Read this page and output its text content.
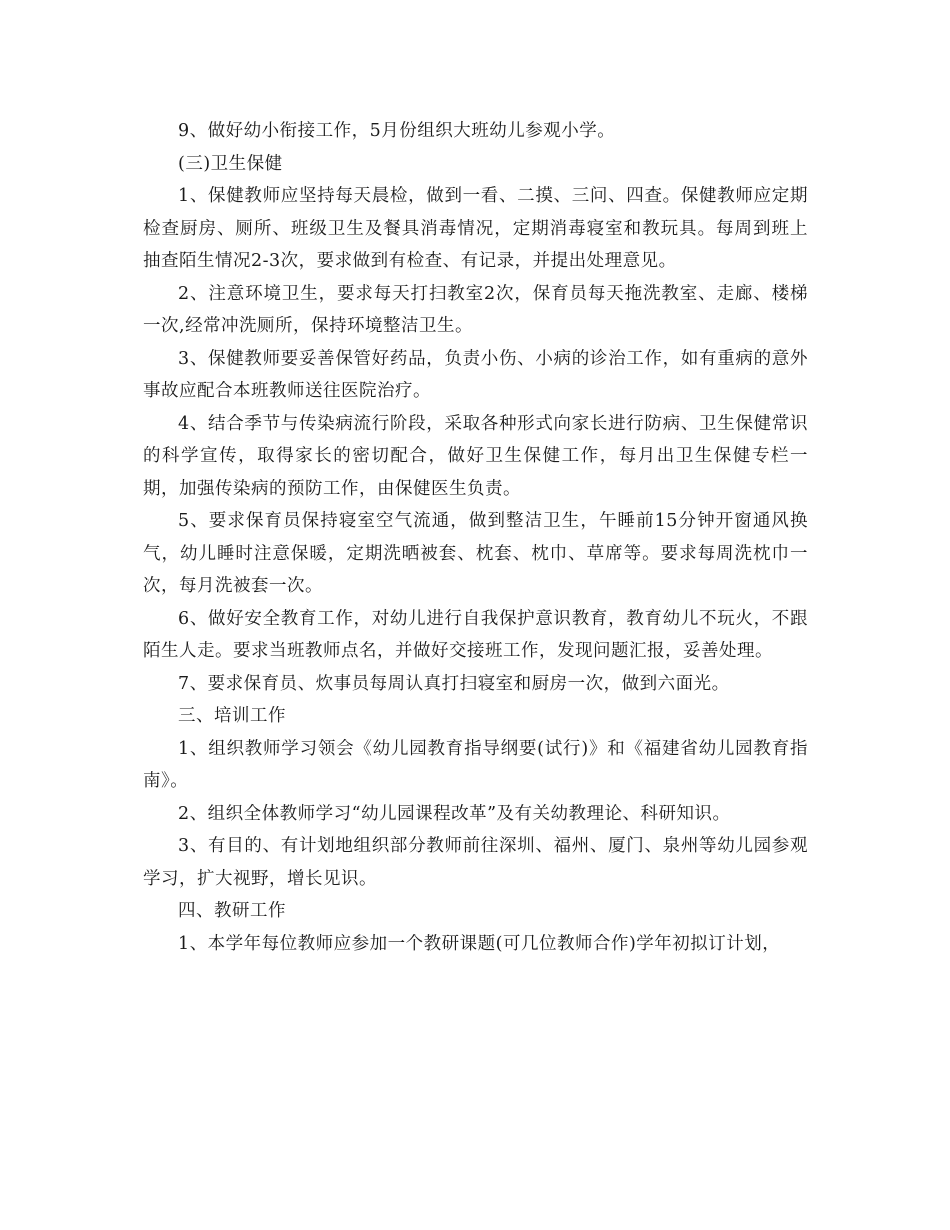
9、做好幼小衔接工作，5月份组织大班幼儿参观小学。

(三)卫生保健

1、保健教师应坚持每天晨检，做到一看、二摸、三问、四查。保健教师应定期检查厨房、厕所、班级卫生及餐具消毒情况，定期消毒寝室和教玩具。每周到班上抽查陌生情况2-3次，要求做到有检查、有记录，并提出处理意见。

2、注意环境卫生，要求每天打扫教室2次，保育员每天拖洗教室、走廊、楼梯一次,经常冲洗厕所，保持环境整洁卫生。

3、保健教师要妥善保管好药品，负责小伤、小病的诊治工作，如有重病的意外事故应配合本班教师送往医院治疗。

4、结合季节与传染病流行阶段，采取各种形式向家长进行防病、卫生保健常识的科学宣传，取得家长的密切配合，做好卫生保健工作，每月出卫生保健专栏一期，加强传染病的预防工作，由保健医生负责。

5、要求保育员保持寝室空气流通，做到整洁卫生，午睡前15分钟开窗通风换气，幼儿睡时注意保暖，定期洗晒被套、枕套、枕巾、草席等。要求每周洗枕巾一次，每月洗被套一次。

6、做好安全教育工作，对幼儿进行自我保护意识教育，教育幼儿不玩火，不跟陌生人走。要求当班教师点名，并做好交接班工作，发现问题汇报，妥善处理。

7、要求保育员、炊事员每周认真打扫寝室和厨房一次，做到六面光。

三、培训工作

1、组织教师学习领会《幼儿园教育指导纲要(试行)》和《福建省幼儿园教育指南》。

2、组织全体教师学习“幼儿园课程改革”及有关幼教理论、科研知识。

3、有目的、有计划地组织部分教师前往深圳、福州、厦门、泉州等幼儿园参观学习，扩大视野，增长见识。

四、教研工作

1、本学年每位教师应参加一个教研课题(可几位教师合作)学年初拟订计划，
